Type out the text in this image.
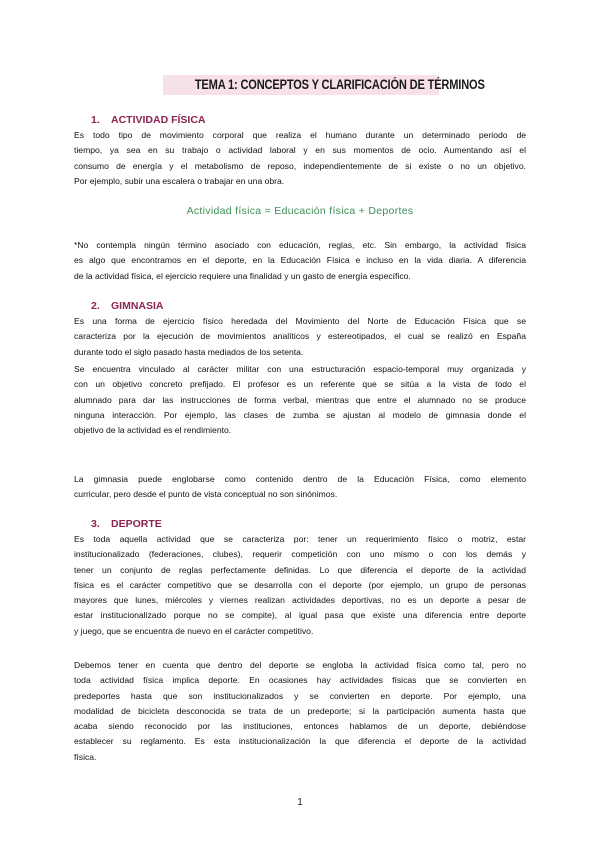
TEMA 1: CONCEPTOS Y CLARIFICACIÓN DE TÉRMINOS
1. ACTIVIDAD FÍSICA
Es todo tipo de movimiento corporal que realiza el humano durante un determinado periodo de
tiempo, ya sea en su trabajo o actividad laboral y en sus momentos de ocio. Aumentando así el
consumo de energía y el metabolismo de reposo, independientemente de si existe o no un objetivo.
Por ejemplo, subir una escalera o trabajar en una obra.
Actividad física = Educación física + Deportes
*No contempla ningún término asociado con educación, reglas, etc. Sin embargo, la actividad física
es algo que encontramos en el deporte, en la Educación Física e incluso en la vida diaria. A diferencia
de la actividad física, el ejercicio requiere una finalidad y un gasto de energía específico.
2. GIMNASIA
Es una forma de ejercicio físico heredada del Movimiento del Norte de Educación Física que se
caracteriza por la ejecución de movimientos analíticos y estereotipados, el cual se realizó en España
durante todo el siglo pasado hasta mediados de los setenta.
Se encuentra vinculado al carácter militar con una estructuración espacio-temporal muy organizada y
con un objetivo concreto prefijado. El profesor es un referente que se sitúa a la vista de todo el
alumnado para dar las instrucciones de forma verbal, mientras que entre el alumnado no se produce
ninguna interacción. Por ejemplo, las clases de zumba se ajustan al modelo de gimnasia donde el
objetivo de la actividad es el rendimiento.
La gimnasia puede englobarse como contenido dentro de la Educación Física, como elemento
curricular, pero desde el punto de vista conceptual no son sinónimos.
3. DEPORTE
Es toda aquella actividad que se caracteriza por: tener un requerimiento físico o motriz, estar
institucionalizado (federaciones, clubes), requerir competición con uno mismo o con los demás y
tener un conjunto de reglas perfectamente definidas. Lo que diferencia el deporte de la actividad
física es el carácter competitivo que se desarrolla con el deporte (por ejemplo, un grupo de personas
mayores que lunes, miércoles y viernes realizan actividades deportivas, no es un deporte a pesar de
estar institucionalizado porque no se compite), al igual pasa que existe una diferencia entre deporte
y juego, que se encuentra de nuevo en el carácter competitivo.
Debemos tener en cuenta que dentro del deporte se engloba la actividad física como tal, pero no
toda actividad física implica deporte. En ocasiones hay actividades físicas que se convierten en
predeportes hasta que son institucionalizados y se convierten en deporte. Por ejemplo, una
modalidad de bicicleta desconocida se trata de un predeporte; si la participación aumenta hasta que
acaba siendo reconocido por las instituciones, entonces hablamos de un deporte, debiéndose
establecer su reglamento. Es esta institucionalización la que diferencia el deporte de la actividad
física.
1
